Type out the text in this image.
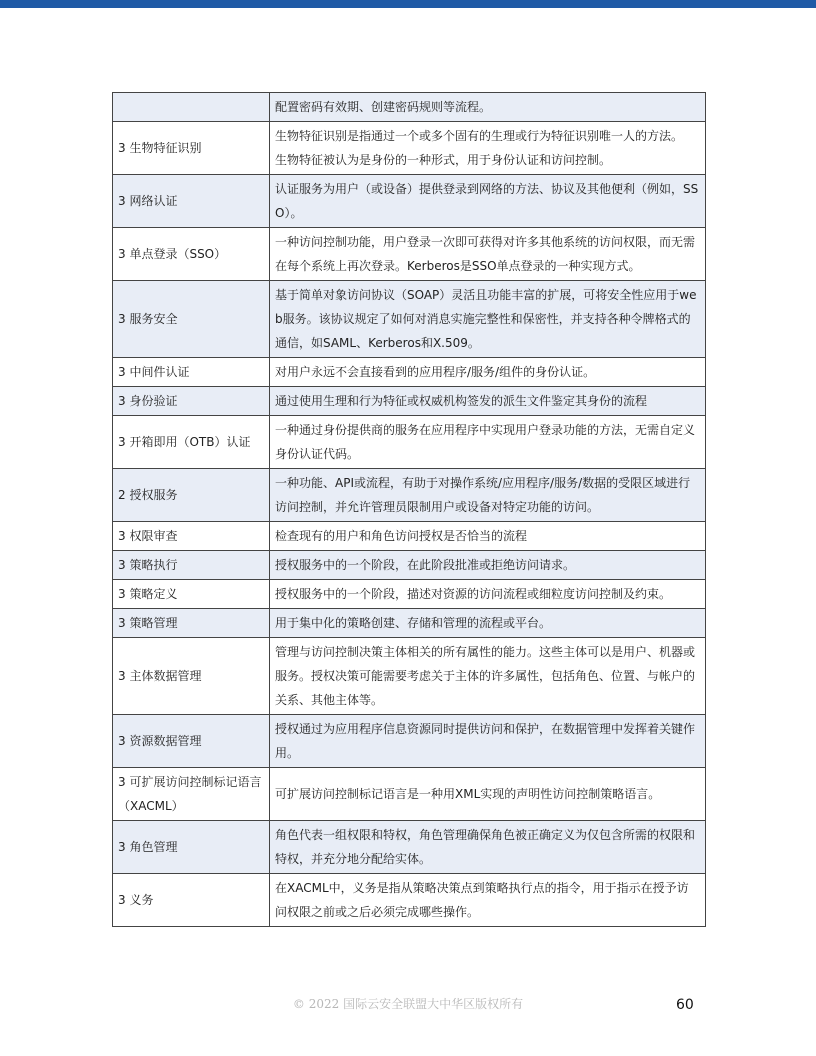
	配置密码有效期、创建密码规则等流程。
3 生物特征识别	生物特征识别是指通过一个或多个固有的生理或行为特征识别唯一人的方法。
生物特征被认为是身份的一种形式，用于身份认证和访问控制。
3 网络认证	认证服务为用户（或设备）提供登录到网络的方法、协议及其他便利（例如，SSO）。
3 单点登录（SSO）	一种访问控制功能，用户登录一次即可获得对许多其他系统的访问权限，而无需在每个系统上再次登录。Kerberos是SSO单点登录的一种实现方式。
3 服务安全	基于简单对象访问协议（SOAP）灵活且功能丰富的扩展，可将安全性应用于web服务。该协议规定了如何对消息实施完整性和保密性，并支持各种令牌格式的通信，如SAML、Kerberos和X.509。
3 中间件认证	对用户永远不会直接看到的应用程序/服务/组件的身份认证。
3 身份验证	通过使用生理和行为特征或权威机构签发的派生文件鉴定其身份的流程
3 开箱即用（OTB）认证	一种通过身份提供商的服务在应用程序中实现用户登录功能的方法，无需自定义身份认证代码。
2 授权服务	一种功能、API或流程，有助于对操作系统/应用程序/服务/数据的受限区域进行访问控制，并允许管理员限制用户或设备对特定功能的访问。
3 权限审查	检查现有的用户和角色访问授权是否恰当的流程
3 策略执行	授权服务中的一个阶段，在此阶段批准或拒绝访问请求。
3 策略定义	授权服务中的一个阶段，描述对资源的访问流程或细粒度访问控制及约束。
3 策略管理	用于集中化的策略创建、存储和管理的流程或平台。
3 主体数据管理	管理与访问控制决策主体相关的所有属性的能力。这些主体可以是用户、机器或服务。授权决策可能需要考虑关于主体的许多属性，包括角色、位置、与帐户的关系、其他主体等。
3 资源数据管理	授权通过为应用程序信息资源同时提供访问和保护，在数据管理中发挥着关键作用。
3 可扩展访问控制标记语言（XACML）	可扩展访问控制标记语言是一种用XML实现的声明性访问控制策略语言。
3 角色管理	角色代表一组权限和特权，角色管理确保角色被正确定义为仅包含所需的权限和特权，并充分地分配给实体。
3 义务	在XACML中，义务是指从策略决策点到策略执行点的指令，用于指示在授予访问权限之前或之后必须完成哪些操作。
© 2022 国际云安全联盟大中华区版权所有	60
